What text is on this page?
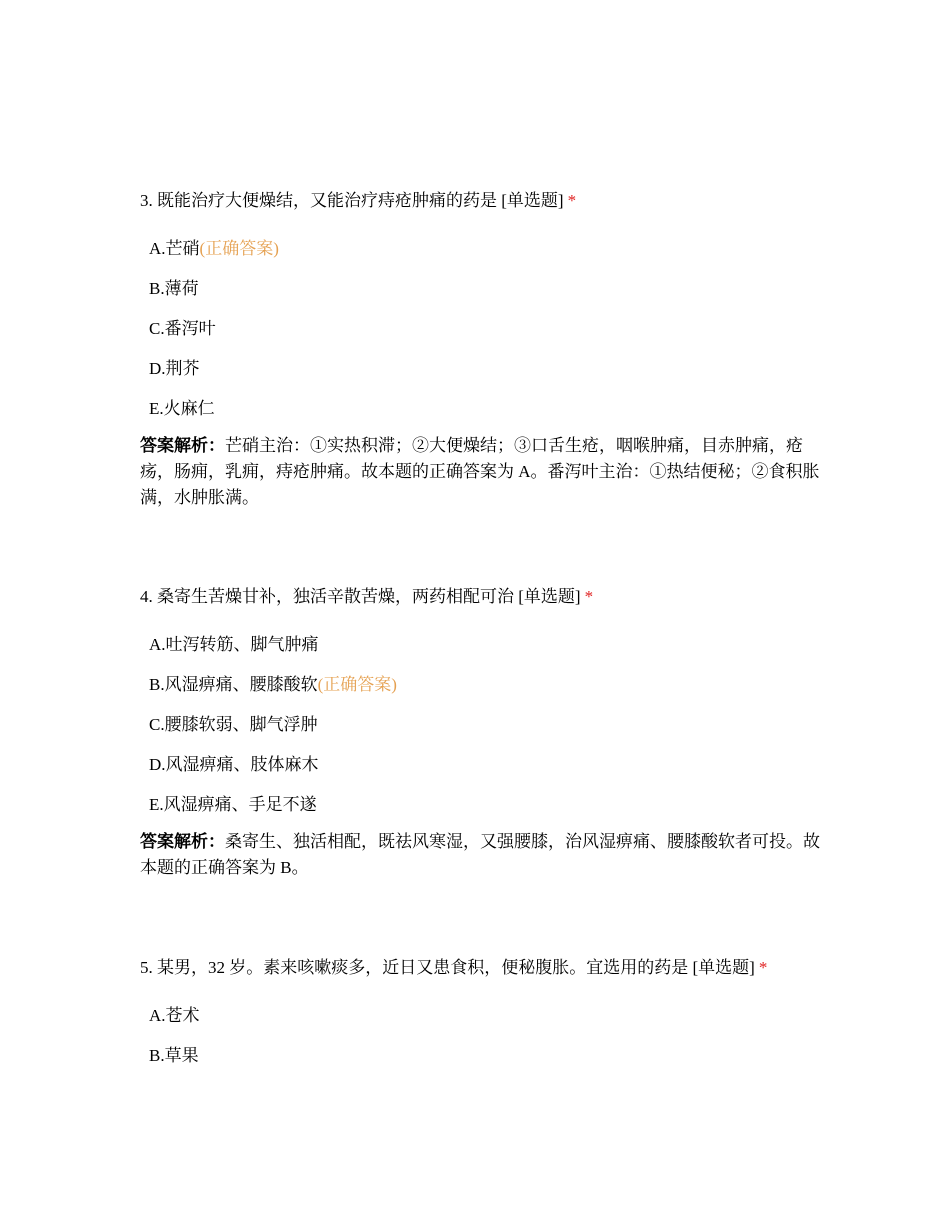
3. 既能治疗大便燥结，又能治疗痔疮肿痛的药是 [单选题] *

A.芒硝(正确答案)
B.薄荷
C.番泻叶
D.荆芥
E.火麻仁

答案解析：芒硝主治：①实热积滞；②大便燥结；③口舌生疮，咽喉肿痛，目赤肿痛，疮疡，肠痈，乳痈，痔疮肿痛。故本题的正确答案为 A。番泻叶主治：①热结便秘；②食积胀满，水肿胀满。

4. 桑寄生苦燥甘补，独活辛散苦燥，两药相配可治 [单选题] *

A.吐泻转筋、脚气肿痛
B.风湿痹痛、腰膝酸软(正确答案)
C.腰膝软弱、脚气浮肿
D.风湿痹痛、肢体麻木
E.风湿痹痛、手足不遂

答案解析：桑寄生、独活相配，既祛风寒湿，又强腰膝，治风湿痹痛、腰膝酸软者可投。故本题的正确答案为 B。

5. 某男，32 岁。素来咳嗽痰多，近日又患食积，便秘腹胀。宜选用的药是 [单选题] *

A.苍术
B.草果
